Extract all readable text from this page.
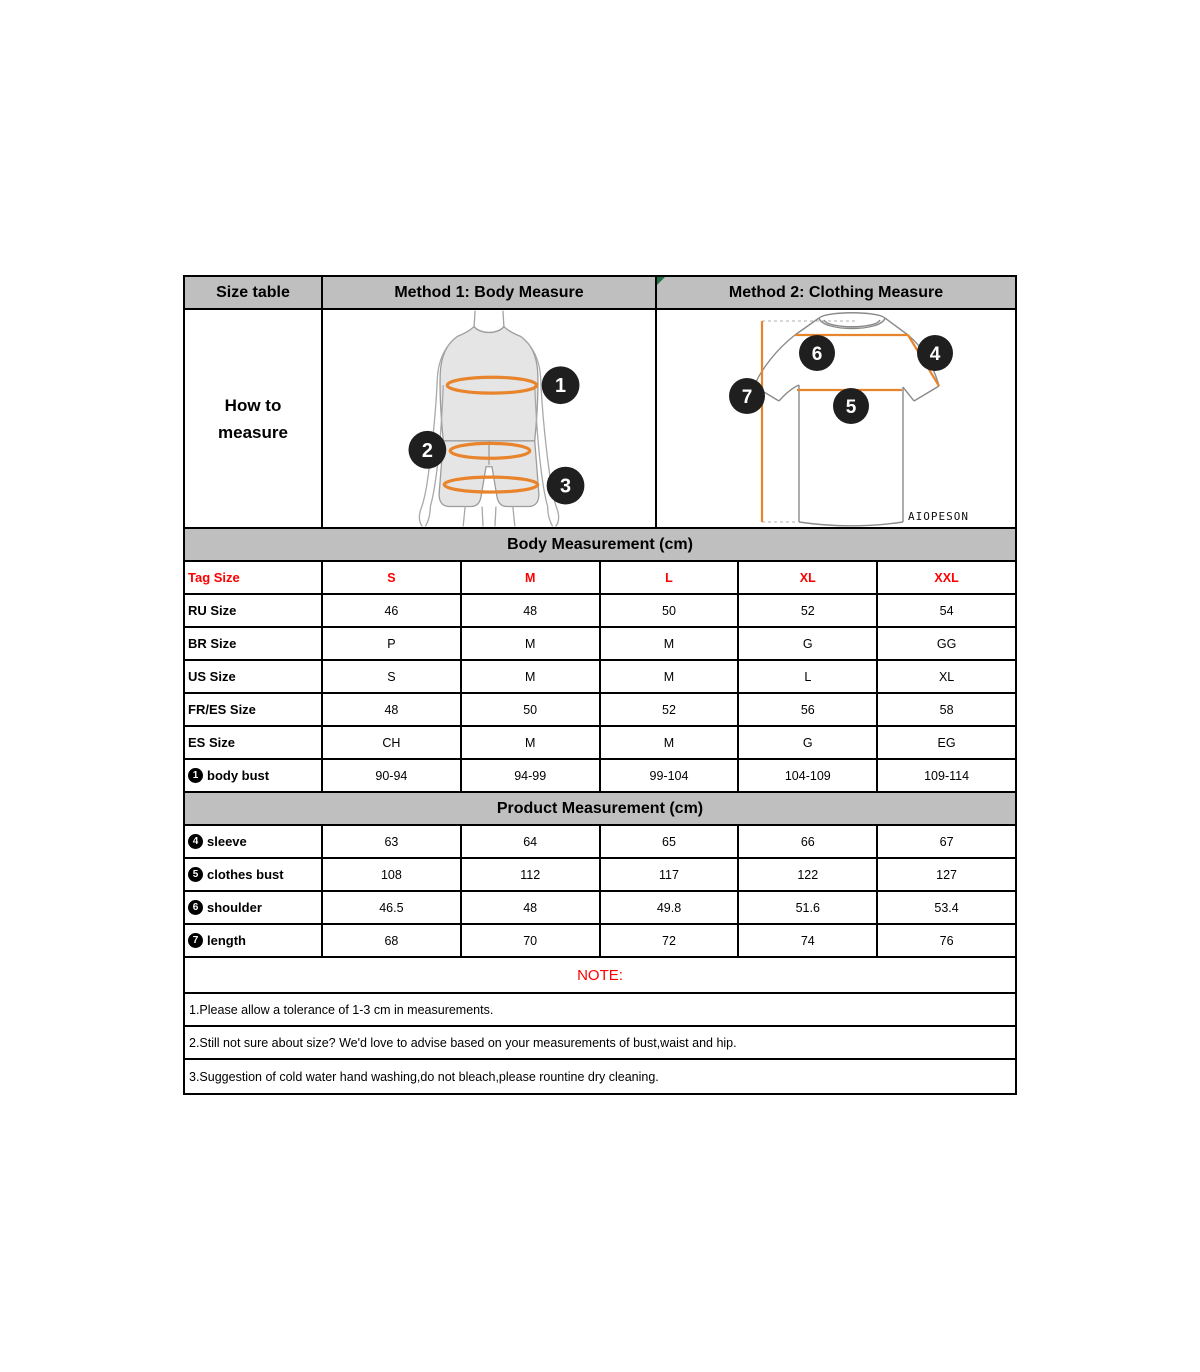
Size table	Method 1: Body Measure	Method 2: Clothing Measure
How to
measure
1
2
3
6	4
5
7
AIOPESON
Body Measurement (cm)
Tag Size	S	M	L	XL	XXL
RU Size	46	48	50	52	54
BR Size	P	M	M	G	GG
US Size	S	M	M	L	XL
FR/ES Size	48	50	52	56	58
ES Size	CH	M	M	G	EG
1 body bust	90-94	94-99	99-104	104-109	109-114
Product Measurement (cm)
4 sleeve	63	64	65	66	67
5 clothes bust	108	112	117	122	127
6 shoulder	46.5	48	49.8	51.6	53.4
7 length	68	70	72	74	76
NOTE:
1.Please allow a tolerance of 1-3 cm in measurements.
2.Still not sure about size? We'd love to advise based on your measurements of bust,waist and hip.
3.Suggestion of cold water hand washing,do not bleach,please rountine dry cleaning.
